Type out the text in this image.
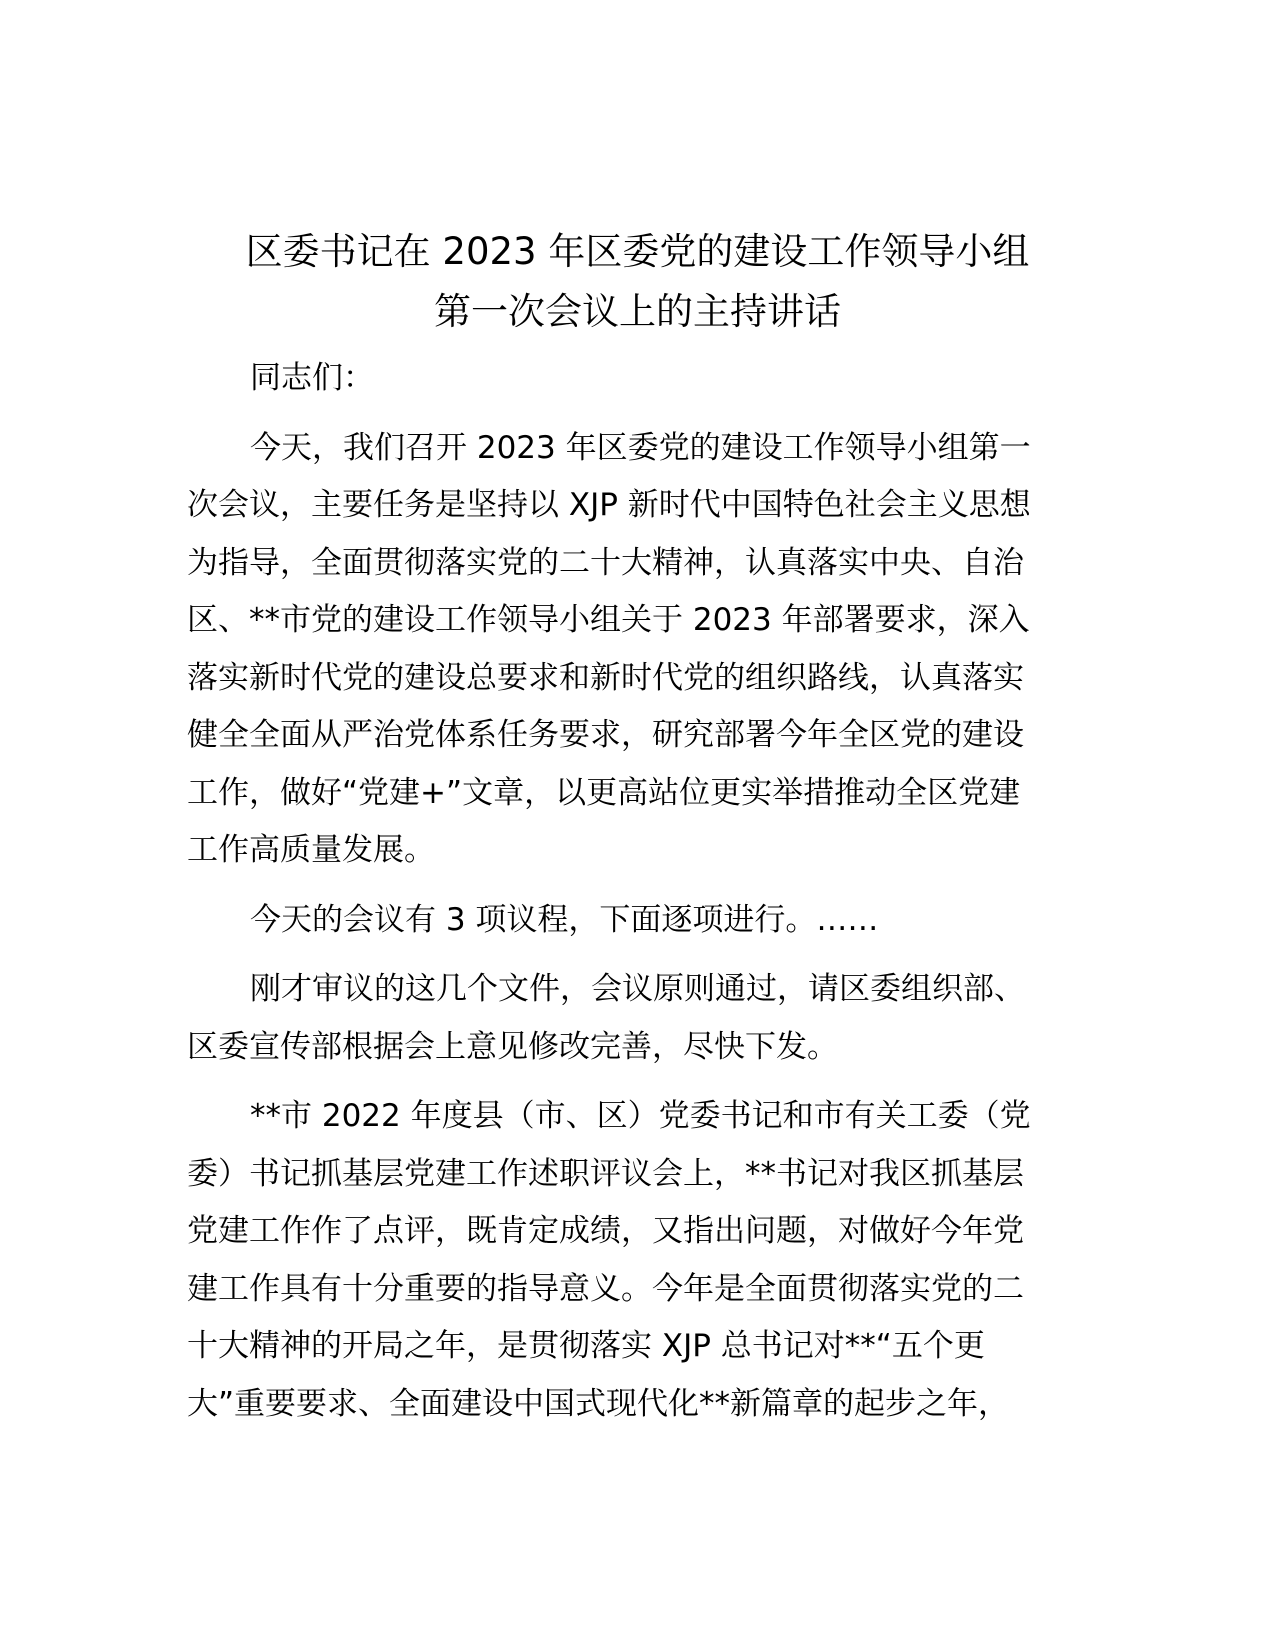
区委书记在 2023 年区委党的建设工作领导小组
第一次会议上的主持讲话

同志们：

今天，我们召开 2023 年区委党的建设工作领导小组第一
次会议，主要任务是坚持以 XJP 新时代中国特色社会主义思想
为指导，全面贯彻落实党的二十大精神，认真落实中央、自治
区、**市党的建设工作领导小组关于 2023 年部署要求，深入
落实新时代党的建设总要求和新时代党的组织路线，认真落实
健全全面从严治党体系任务要求，研究部署今年全区党的建设
工作，做好“党建+”文章，以更高站位更实举措推动全区党建
工作高质量发展。

今天的会议有 3 项议程，下面逐项进行。……

刚才审议的这几个文件，会议原则通过，请区委组织部、
区委宣传部根据会上意见修改完善，尽快下发。

**市 2022 年度县（市、区）党委书记和市有关工委（党
委）书记抓基层党建工作述职评议会上，**书记对我区抓基层
党建工作作了点评，既肯定成绩，又指出问题，对做好今年党
建工作具有十分重要的指导意义。今年是全面贯彻落实党的二
十大精神的开局之年，是贯彻落实 XJP 总书记对**“五个更
大”重要要求、全面建设中国式现代化**新篇章的起步之年，
